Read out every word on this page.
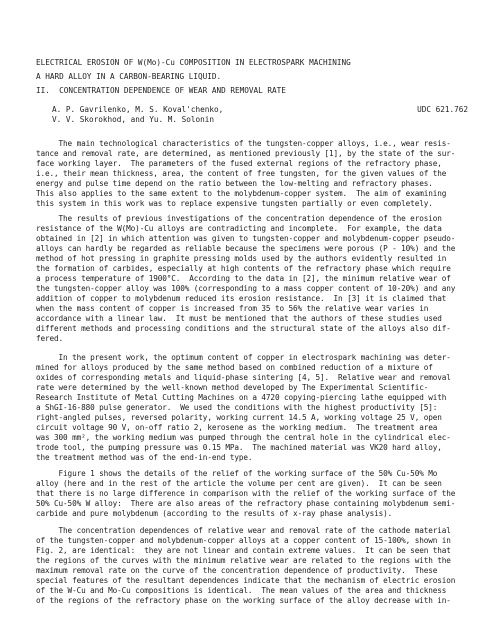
ELECTRICAL EROSION OF W(Mo)-Cu COMPOSITION IN ELECTROSPARK MACHINING
A HARD ALLOY IN A CARBON-BEARING LIQUID.
II.  CONCENTRATION DEPENDENCE OF WEAR AND REMOVAL RATE
A. P. Gavrilenko, M. S. Koval'chenko,	UDC 621.762
V. V. Skorokhod, and Yu. M. Solonin
The main technological characteristics of the tungsten-copper alloys, i.e., wear resis-
tance and removal rate, are determined, as mentioned previously [1], by the state of the sur-
face working layer.  The parameters of the fused external regions of the refractory phase,
i.e., their mean thickness, area, the content of free tungsten, for the given values of the
energy and pulse time depend on the ratio between the low-melting and refractory phases.
This also applies to the same extent to the molybdenum-copper system.  The aim of examining
this system in this work was to replace expensive tungsten partially or even completely.
The results of previous investigations of the concentration dependence of the erosion
resistance of the W(Mo)-Cu alloys are contradicting and incomplete.  For example, the data
obtained in [2] in which attention was given to tungsten-copper and molybdenum-copper pseudo-
alloys can hardly be regarded as reliable because the specimens were porous (P - 10%) and the
method of hot pressing in graphite pressing molds used by the authors evidently resulted in
the formation of carbides, especially at high contents of the refractory phase which require
a process temperature of 1900°C.  According to the data in [2], the minimum relative wear of
the tungsten-copper alloy was 100% (corresponding to a mass copper content of 10-20%) and any
addition of copper to molybdenum reduced its erosion resistance.  In [3] it is claimed that
when the mass content of copper is increased from 35 to 56% the relative wear varies in
accordance with a linear law.  It must be mentioned that the authors of these studies used
different methods and processing conditions and the structural state of the alloys also dif-
fered.
In the present work, the optimum content of copper in electrospark machining was deter-
mined for alloys produced by the same method based on combined reduction of a mixture of
oxides of corresponding metals and liquid-phase sintering [4, 5].  Relative wear and removal
rate were determined by the well-known method developed by The Experimental Scientific-
Research Institute of Metal Cutting Machines on a 4720 copying-piercing lathe equipped with
a ShGI-16-880 pulse generator.  We used the conditions with the highest productivity [5]:
right-angled pulses, reversed polarity, working current 14.5 A, working voltage 25 V, open
circuit voltage 90 V, on-off ratio 2, kerosene as the working medium.  The treatment area
was 300 mm², the working medium was pumped through the central hole in the cylindrical elec-
trode tool, the pumping pressure was 0.15 MPa.  The machined material was VK20 hard alloy,
the treatment method was of the end-in-end type.
Figure 1 shows the details of the relief of the working surface of the 50% Cu-50% Mo
alloy (here and in the rest of the article the volume per cent are given).  It can be seen
that there is no large difference in comparison with the relief of the working surface of the
50% Cu-50% W alloy:  There are also areas of the refractory phase containing molybdenum semi-
carbide and pure molybdenum (according to the results of x-ray phase analysis).
The concentration dependences of relative wear and removal rate of the cathode material
of the tungsten-copper and molybdenum-copper alloys at a copper content of 15-100%, shown in
Fig. 2, are identical:  they are not linear and contain extreme values.  It can be seen that
the regions of the curves with the minimum relative wear are related to the regions with the
maximum removal rate on the curve of the concentration dependence of productivity.  These
special features of the resultant dependences indicate that the mechanism of electric erosion
of the W-Cu and Mo-Cu compositions is identical.  The mean values of the area and thickness
of the regions of the refractory phase on the working surface of the alloy decrease with in-
